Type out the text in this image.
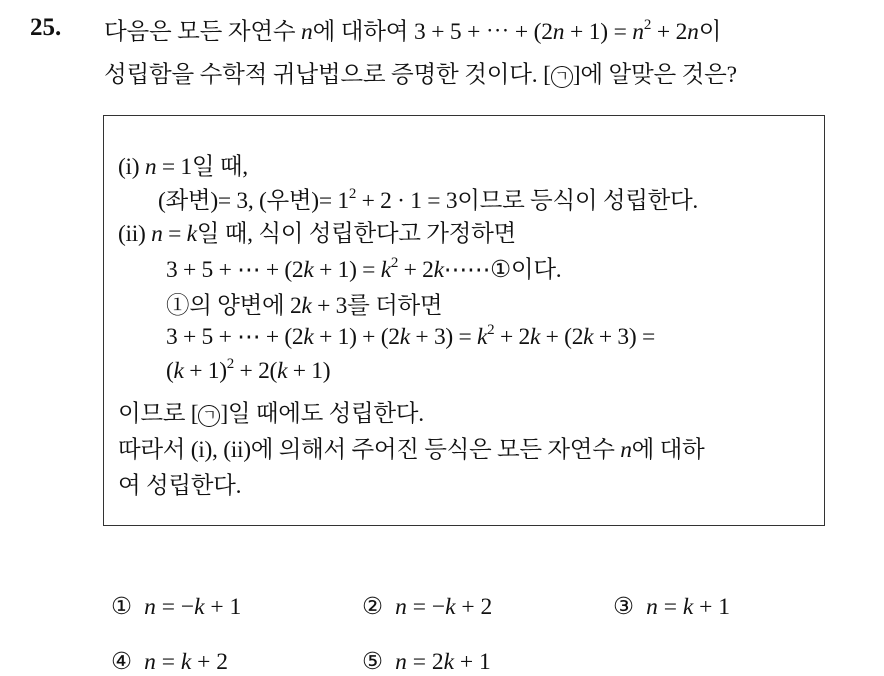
25. 다음은 모든 자연수 n에 대하여 3 + 5 + ⋯ + $(2n + 1) = n^2 + 2n$이
성립함을 수학적 귀납법으로 증명한 것이다. [ ㄱ ]에 알맞은 것은?
(i) n = 1일 때,
(좌변)= 3, (우변)= $1^2 + 2 \cdot 1 = 3$이므로 등식이 성립한다.
(ii) n = k일 때, 식이 성립한다고 가정하면
3 + 5 + ⋯ + $(2k + 1) = k^2$ + 2k⋯⋯①이다.
①의 양변에 2k + 3를 더하면
3 + 5 + ⋯ + $(2k + 1) + (2k + 3) = k^2 + 2k + (2k + 3)$ =
$(k + 1)^2 + 2(k + 1)$
이므로 [ ㄱ ]일 때에도 성립한다.
따라서 (i), (ii)에 의해서 주어진 등식은 모든 자연수 n에 대하
여 성립한다.
① n = −k + 1	② n = −k + 2	③ n = k + 1
④ n = k + 2	⑤ n = 2k + 1
